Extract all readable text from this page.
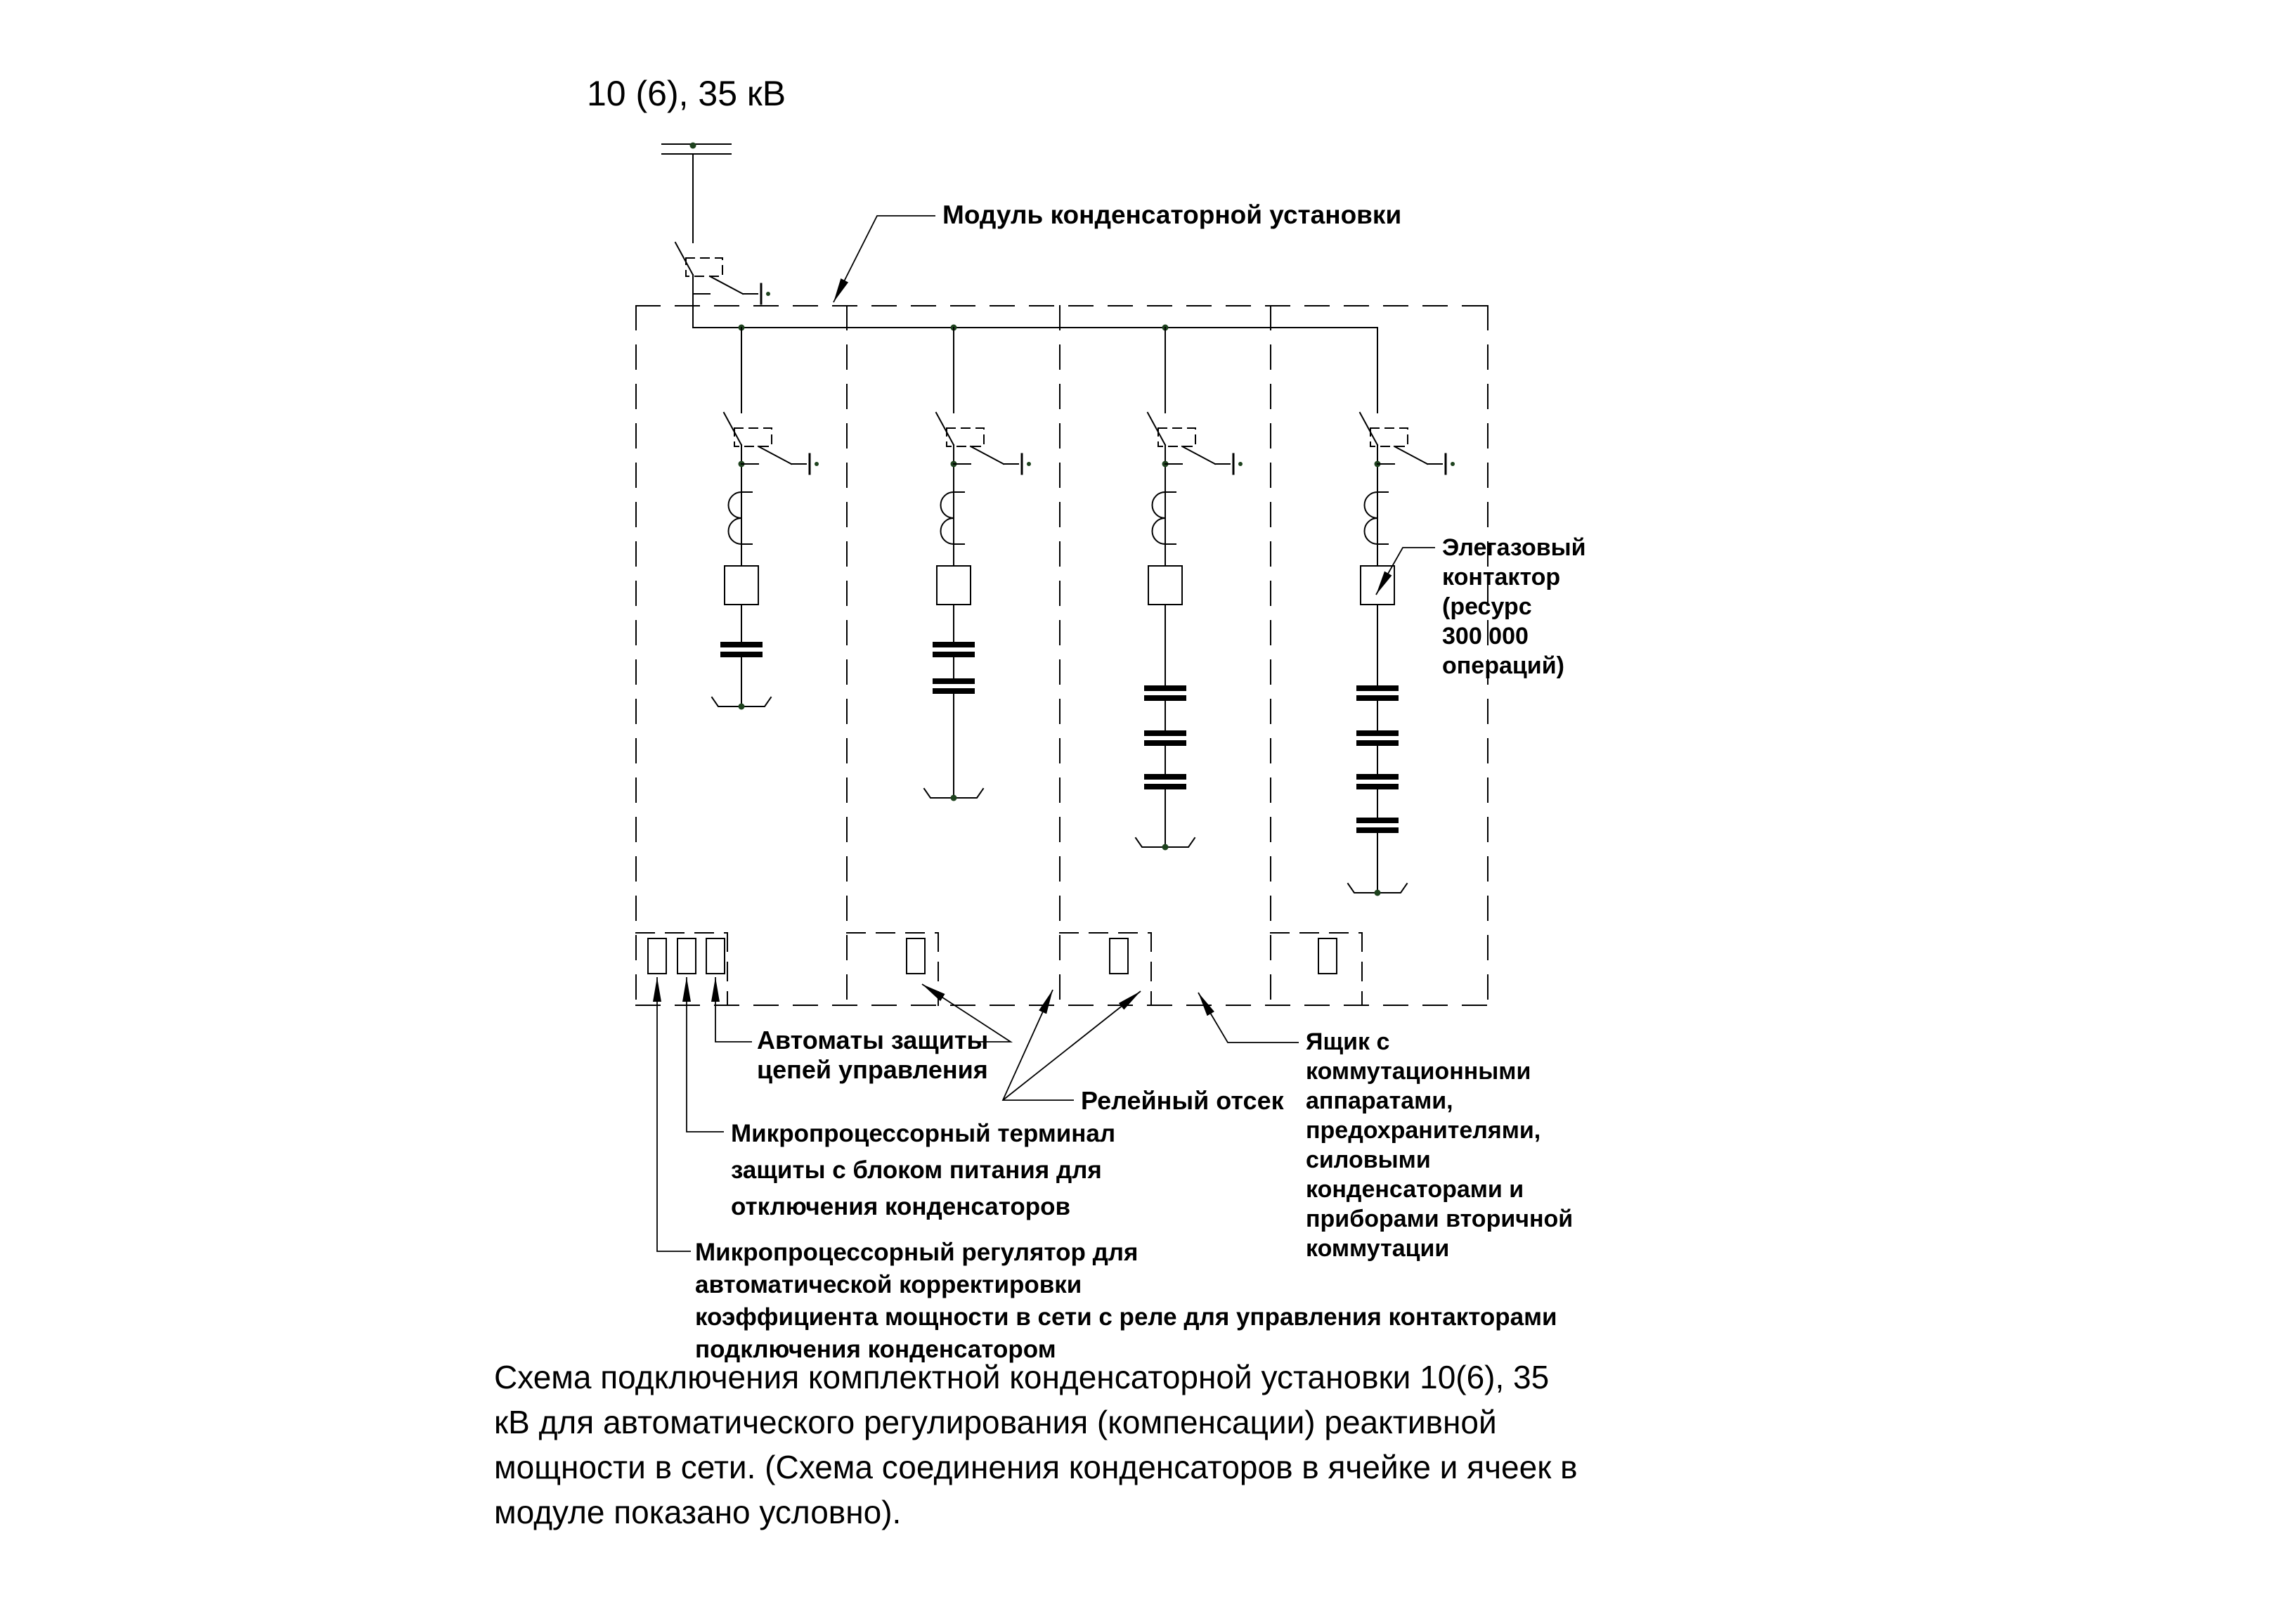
10 (6), 35 кВ
Модуль конденсаторной установки
Элегазовый
контактор
(ресурс
300 000
операций)
Автоматы защиты
цепей управления
Релейный отсек
Микропроцессорный терминал
защиты с блоком питания для
отключения конденсаторов
Микропроцессорный регулятор для
автоматической корректировки
коэффициента мощности в сети с реле для управления контакторами
подключения конденсатором
Ящик с
коммутационными
аппаратами,
предохранителями,
силовыми
конденсаторами и
приборами вторичной
коммутации
Схема подключения комплектной конденсаторной установки 10(6), 35
кВ для автоматического регулирования (компенсации) реактивной
мощности в сети. (Схема соединения конденсаторов в ячейке и ячеек в
модуле показано условно).
